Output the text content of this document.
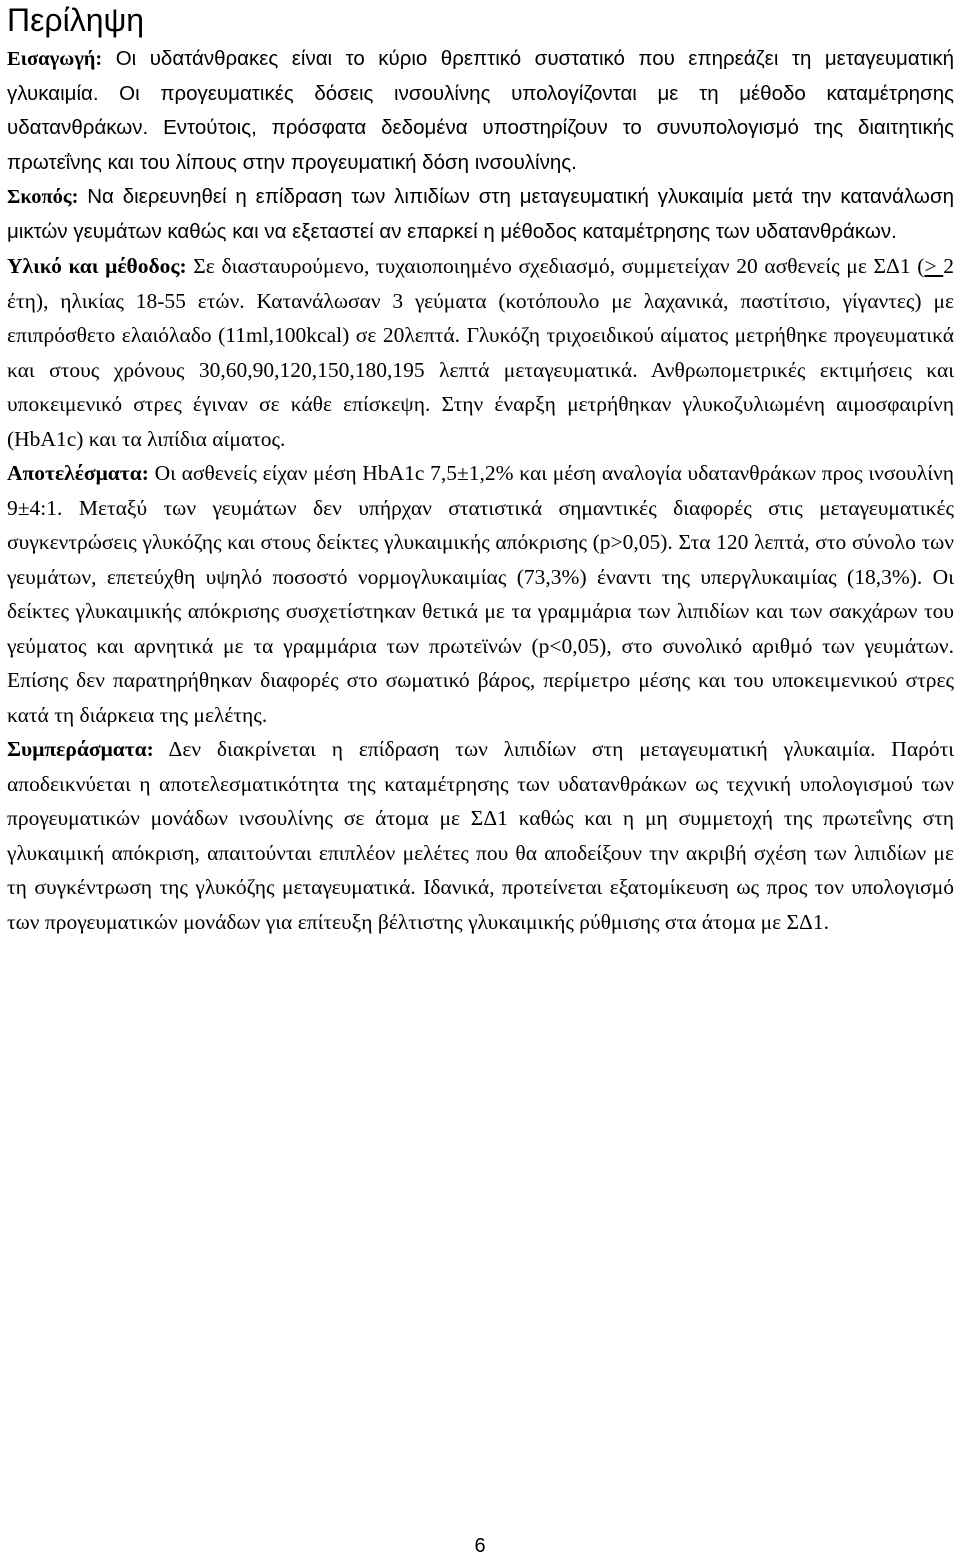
Περίληψη

Εισαγωγή: Οι υδατάνθρακες είναι το κύριο θρεπτικό συστατικό που επηρεάζει τη μεταγευματική γλυκαιμία. Οι προγευματικές δόσεις ινσουλίνης υπολογίζονται με τη μέθοδο καταμέτρησης υδατανθράκων. Εντούτοις, πρόσφατα δεδομένα υποστηρίζουν το συνυπολογισμό της διαιτητικής πρωτεΐνης και του λίπους στην προγευματική δόση ινσουλίνης.

Σκοπός: Να διερευνηθεί η επίδραση των λιπιδίων στη μεταγευματική γλυκαιμία μετά την κατανάλωση μικτών γευμάτων καθώς και να εξεταστεί αν επαρκεί η μέθοδος καταμέτρησης των υδατανθράκων.

Υλικό και μέθοδος: Σε διασταυρούμενο, τυχαιοποιημένο σχεδιασμό, συμμετείχαν 20 ασθενείς με ΣΔ1 (> 2 έτη), ηλικίας 18-55 ετών. Κατανάλωσαν 3 γεύματα (κοτόπουλο με λαχανικά, παστίτσιο, γίγαντες) με επιπρόσθετο ελαιόλαδο (11ml,100kcal) σε 20λεπτά. Γλυκόζη τριχοειδικού αίματος μετρήθηκε προγευματικά και στους χρόνους 30,60,90,120,150,180,195 λεπτά μεταγευματικά. Ανθρωπομετρικές εκτιμήσεις και υποκειμενικό στρες έγιναν σε κάθε επίσκεψη. Στην έναρξη μετρήθηκαν γλυκοζυλιωμένη αιμοσφαιρίνη (HbA1c) και τα λιπίδια αίματος.

Αποτελέσματα: Οι ασθενείς είχαν μέση HbA1c 7,5±1,2% και μέση αναλογία υδατανθράκων προς ινσουλίνη 9±4:1. Μεταξύ των γευμάτων δεν υπήρχαν στατιστικά σημαντικές διαφορές στις μεταγευματικές συγκεντρώσεις γλυκόζης και στους δείκτες γλυκαιμικής απόκρισης (p>0,05). Στα 120 λεπτά, στο σύνολο των γευμάτων, επετεύχθη υψηλό ποσοστό νορμογλυκαιμίας (73,3%) έναντι της υπεργλυκαιμίας (18,3%). Οι δείκτες γλυκαιμικής απόκρισης συσχετίστηκαν θετικά με τα γραμμάρια των λιπιδίων και των σακχάρων του γεύματος και αρνητικά με τα γραμμάρια των πρωτεϊνών (p<0,05), στο συνολικό αριθμό των γευμάτων. Επίσης δεν παρατηρήθηκαν διαφορές στο σωματικό βάρος, περίμετρο μέσης και του υποκειμενικού στρες κατά τη διάρκεια της μελέτης.

Συμπεράσματα: Δεν διακρίνεται η επίδραση των λιπιδίων στη μεταγευματική γλυκαιμία. Παρότι αποδεικνύεται η αποτελεσματικότητα της καταμέτρησης των υδατανθράκων ως τεχνική υπολογισμού των προγευματικών μονάδων ινσουλίνης σε άτομα με ΣΔ1 καθώς και η μη συμμετοχή της πρωτεΐνης στη γλυκαιμική απόκριση, απαιτούνται επιπλέον μελέτες που θα αποδείξουν την ακριβή σχέση των λιπιδίων με τη συγκέντρωση της γλυκόζης μεταγευματικά. Ιδανικά, προτείνεται εξατομίκευση ως προς τον υπολογισμό των προγευματικών μονάδων για επίτευξη βέλτιστης γλυκαιμικής ρύθμισης στα άτομα με ΣΔ1.

6
